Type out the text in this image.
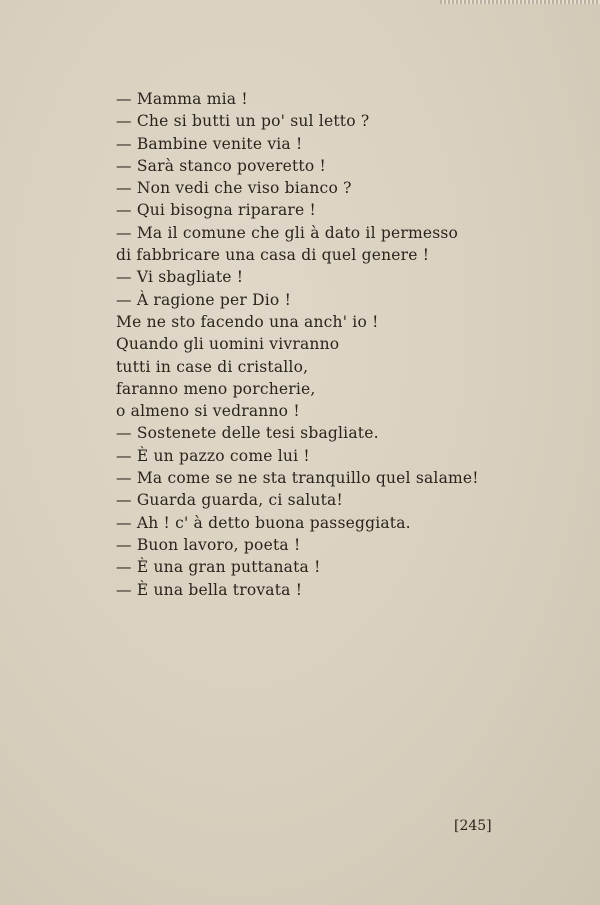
— Mamma mia !
— Che si butti un po' sul letto ?
— Bambine venite via !
— Sarà stanco poveretto !
— Non vedi che viso bianco ?
— Qui bisogna riparare !
— Ma il comune che gli à dato il permesso
di fabbricare una casa di quel genere !
— Vi sbagliate !
— À ragione per Dio !
Me ne sto facendo una anch' io !
Quando gli uomini vivranno
tutti in case di cristallo,
faranno meno porcherie,
o almeno si vedranno !
— Sostenete delle tesi sbagliate.
— È un pazzo come lui !
— Ma come se ne sta tranquillo quel salame!
— Guarda guarda, ci saluta!
— Ah ! c' à detto buona passeggiata.
— Buon lavoro, poeta !
— È una gran puttanata !
— È una bella trovata !
[245]
